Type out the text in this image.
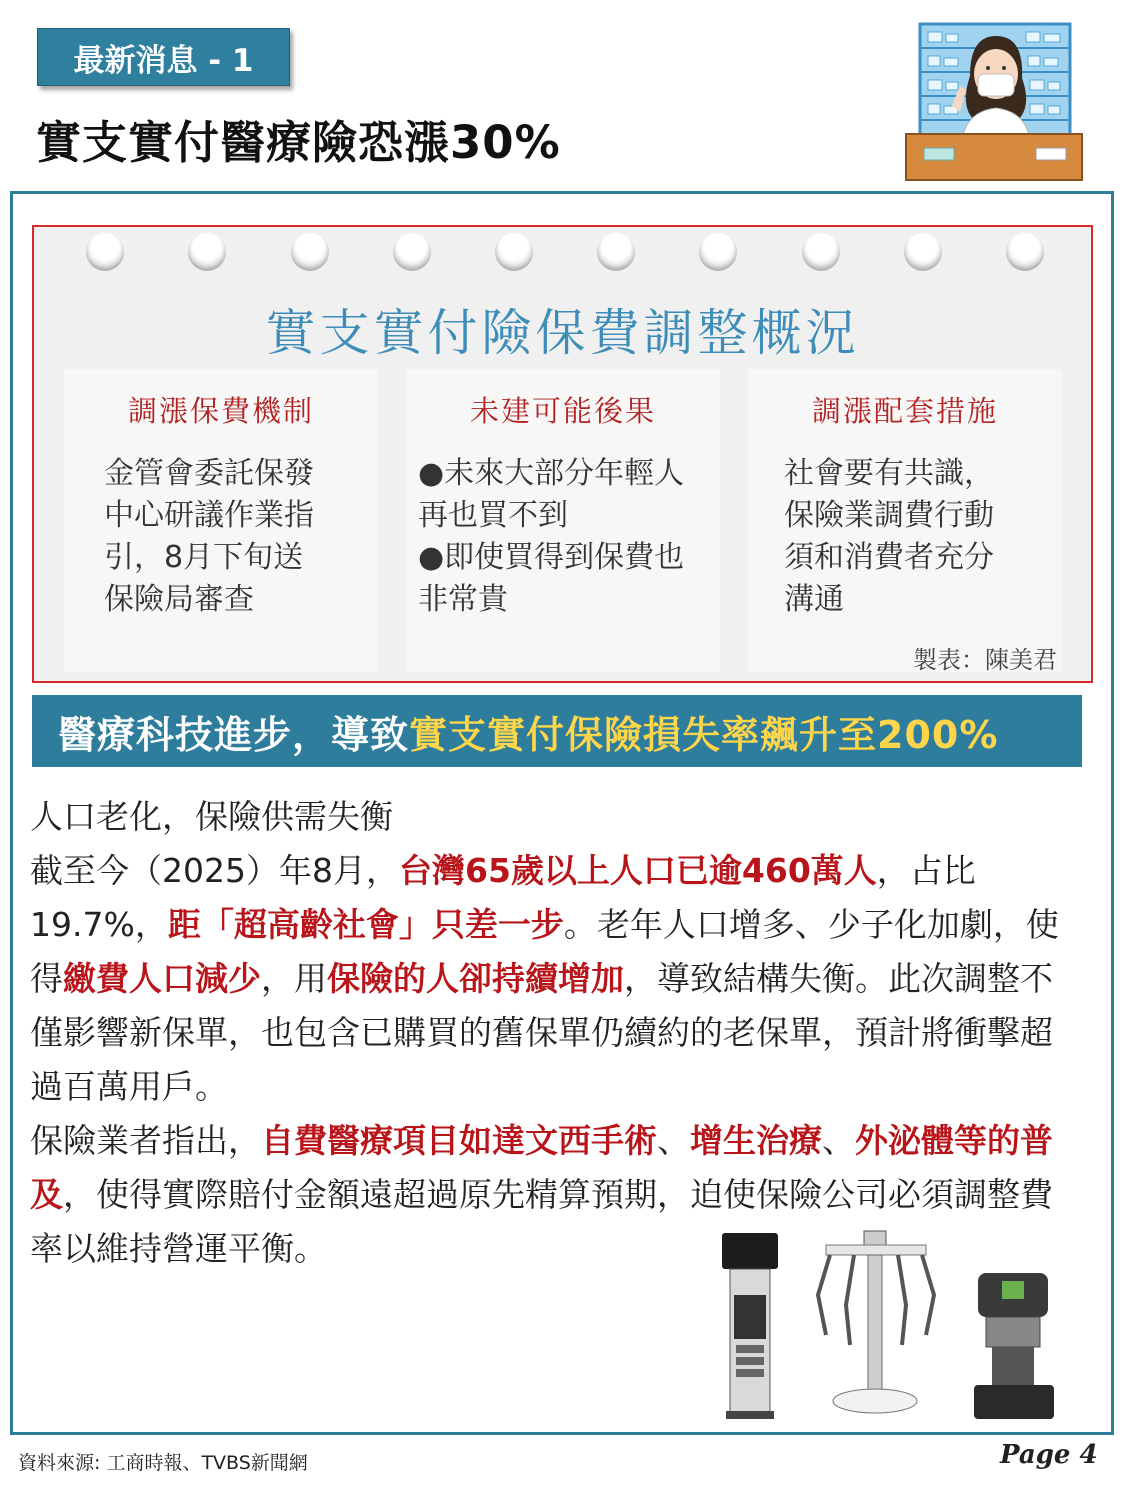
最新消息 - 1
實支實付醫療險恐漲30%
實支實付險保費調整概況
調漲保費機制
金管會委託保發
中心研議作業指
引，8月下旬送
保險局審查
未建可能後果
●未來大部分年輕人
再也買不到
●即使買得到保費也
非常貴
調漲配套措施
社會要有共識，
保險業調費行動
須和消費者充分
溝通
製表：陳美君
醫療科技進步，導致 實支實付保險損失率飆升至200%
人口老化，保險供需失衡
截至今（2025）年8月，台灣65歲以上人口已逾460萬人，占比19.7%，距「超高齡社會」只差一步。老年人口增多、少子化加劇，使得繳費人口減少，用保險的人卻持續增加，導致結構失衡。此次調整不僅影響新保單，也包含已購買的舊保單仍續約的老保單，預計將衝擊超過百萬用戶。
保險業者指出，自費醫療項目如達文西手術、增生治療、外泌體等的普及，使得實際賠付金額遠超過原先精算預期，迫使保險公司必須調整費率以維持營運平衡。
資料來源: 工商時報、TVBS新聞網	Page 4
